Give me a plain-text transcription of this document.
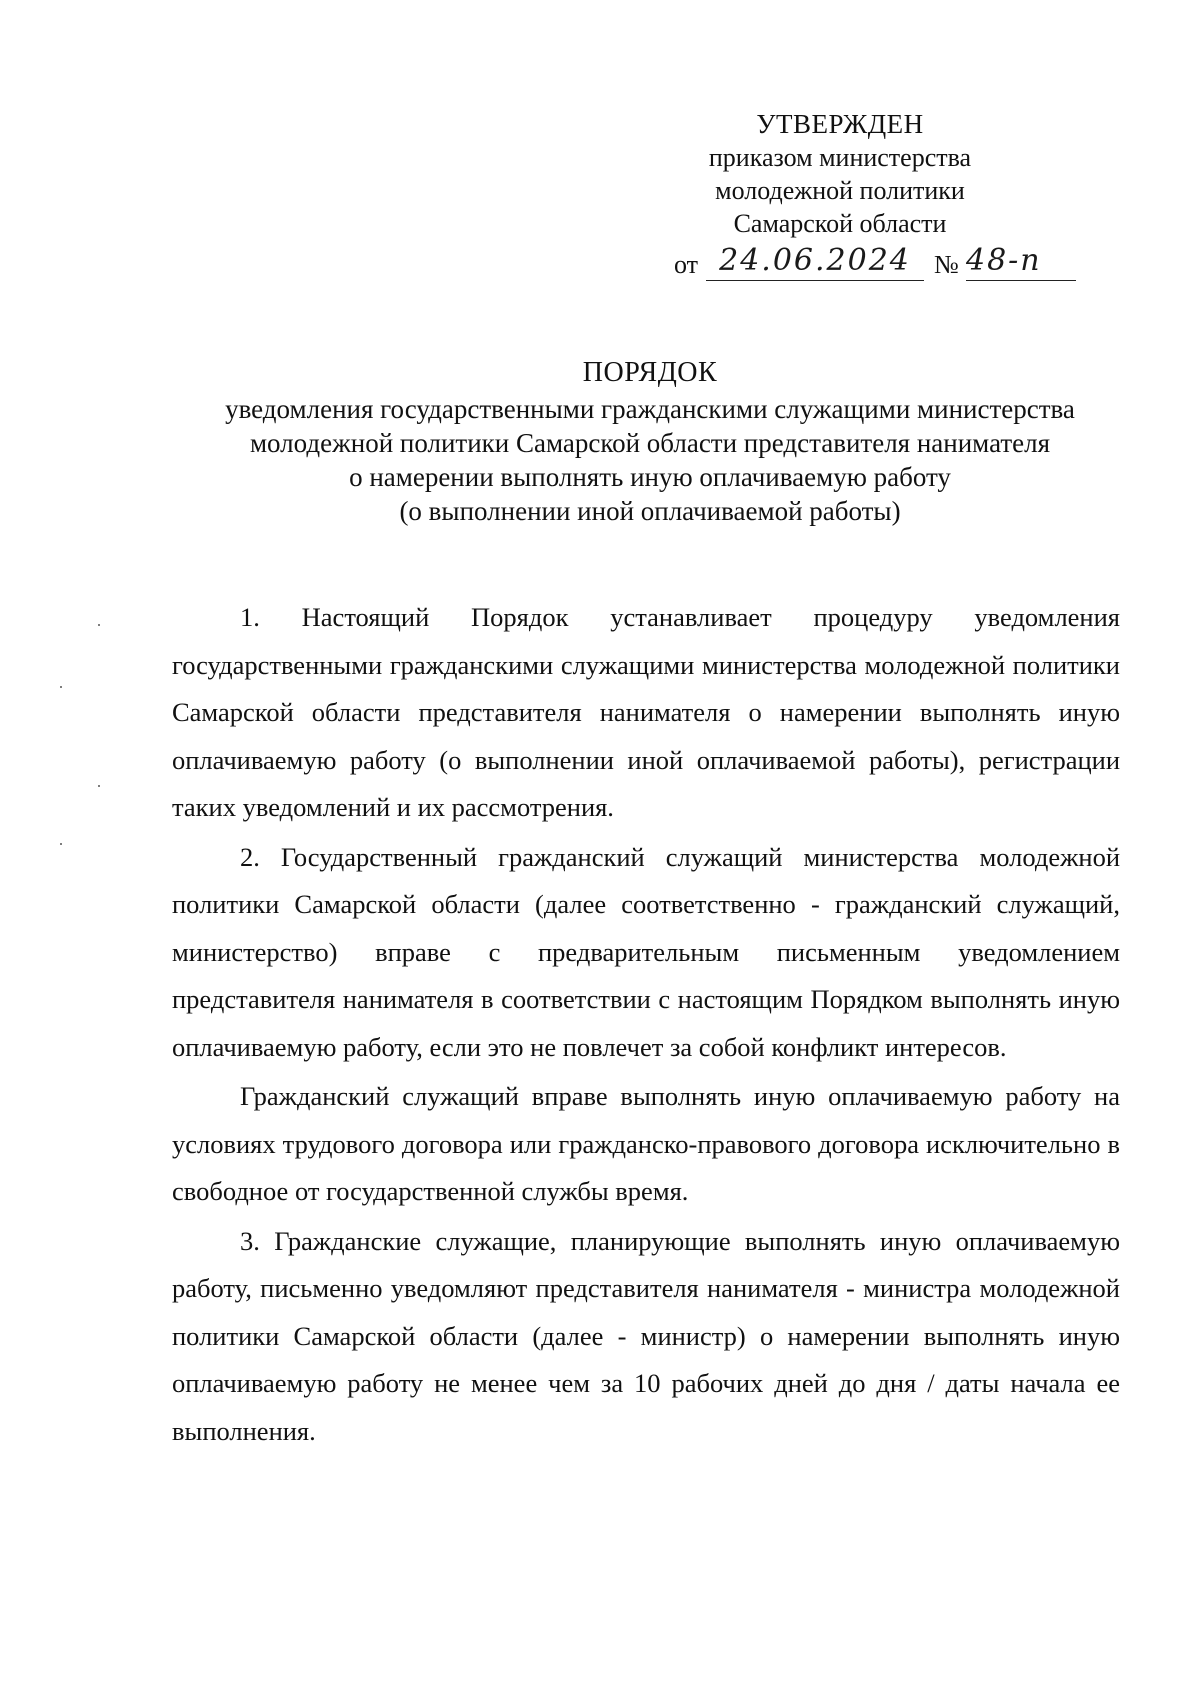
УТВЕРЖДЕН
приказом министерства
молодежной политики
Самарской области
от 24.06.2024 № 48-п
ПОРЯДОК
уведомления государственными гражданскими служащими министерства
молодежной политики Самарской области представителя нанимателя
о намерении выполнять иную оплачиваемую работу
(о выполнении иной оплачиваемой работы)

1. Настоящий Порядок устанавливает процедуру уведомления государственными гражданскими служащими министерства молодежной политики Самарской области представителя нанимателя о намерении выполнять иную оплачиваемую работу (о выполнении иной оплачиваемой работы), регистрации таких уведомлений и их рассмотрения.

2. Государственный гражданский служащий министерства молодежной политики Самарской области (далее соответственно - гражданский служащий, министерство) вправе с предварительным письменным уведомлением представителя нанимателя в соответствии с настоящим Порядком выполнять иную оплачиваемую работу, если это не повлечет за собой конфликт интересов.

Гражданский служащий вправе выполнять иную оплачиваемую работу на условиях трудового договора или гражданско-правового договора исключительно в свободное от государственной службы время.

3. Гражданские служащие, планирующие выполнять иную оплачиваемую работу, письменно уведомляют представителя нанимателя - министра молодежной политики Самарской области (далее - министр) о намерении выполнять иную оплачиваемую работу не менее чем за 10 рабочих дней до дня / даты начала ее выполнения.
